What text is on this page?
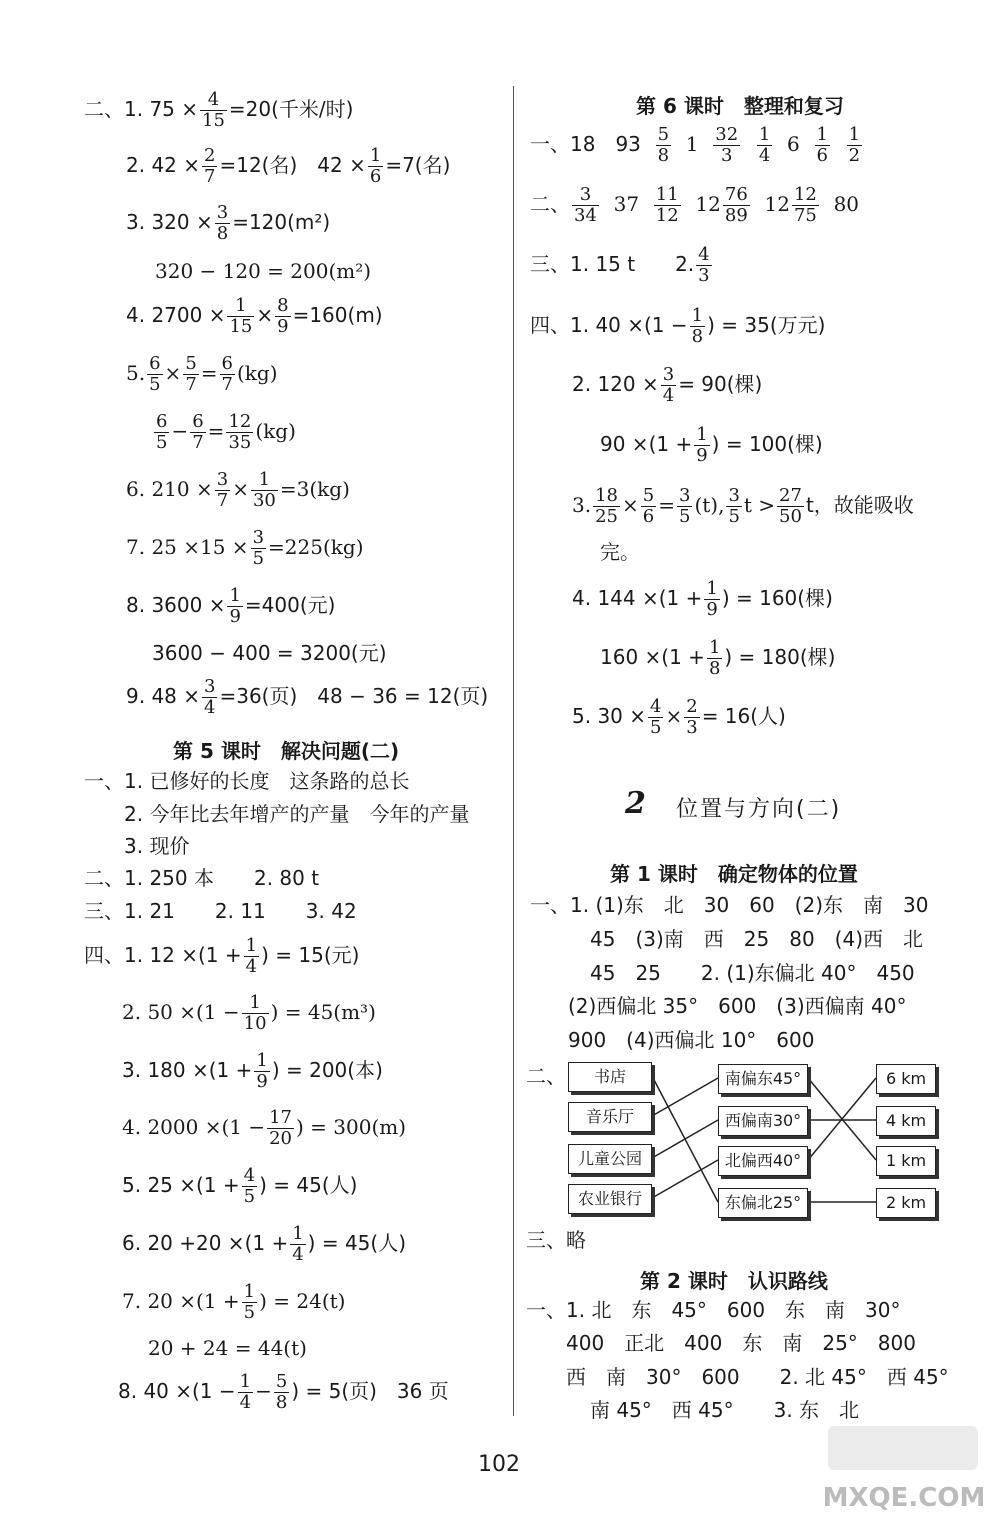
二、1. $75 \times \frac{4}{15} =20$(千米/时)
2. $42 \times \frac{2}{7} =12$(名)　$42 \times \frac{1}{6} =7$(名)
3. $320 \times \frac{3}{8} =120(m^2)$
320 − 120 = 200(m²)
4. $2700 \times \frac{1}{15} \times \frac{8}{9} =160(m)$
5. $\frac{6}{5} \times \frac{5}{7} = \frac{6}{7} (kg)$
$\frac{6}{5} - \frac{6}{7} = \frac{12}{35} (kg)$
6. $210 \times \frac{3}{7} \times \frac{1}{30} =3(kg)$
7. $25 \times 15 \times \frac{3}{5} =225(kg)$
8. $3600 \times \frac{1}{9} =400$(元)
3600 − 400 = 3200(元)
9. $48 \times \frac{3}{4} =36$(页)　48 − 36 = 12(页)
第 5 课时　解决问题(二)
一、1. 已修好的长度　这条路的总长
2. 今年比去年增产的产量　今年的产量
3. 现价
二、1. 250 本　　2. 80 t
三、1. 21　　2. 11　　3. 42
四、1. $12 \times(1 + \frac{1}{4}$ ) = 15(元)
2. $50 \times(1 - \frac{1}{10}$ ) = 45(m³)
3. $180 \times(1 + \frac{1}{9}$ ) = 200(本)
4. $2000 \times(1 - \frac{17}{20}$ ) = 300(m)
5. $25 \times(1 + \frac{4}{5}$ ) = 45(人)
6. $20 +20 \times(1 + \frac{1}{4}$ ) = 45(人)
7. $20 \times(1 + \frac{1}{5}$ ) = 24(t)
20 + 24 = 44(t)
8. $40 \times(1 - \frac{1}{4} - \frac{5}{8}$ ) = 5(页)　36 页
第 6 课时　整理和复习
一、18　$93 \frac{5}{8} 1 \frac{32}{3}$
$\frac{1}{4} 6 \frac{1}{6}$
$\frac{1}{2}$
二、 $\frac{3}{34} 37 \frac{11}{12} 12 \frac{76}{89} 12 \frac{12}{75} 80$
三、1. 15 t　　2. $\frac{4}{3}$
四、1. $40 \times(1 - \frac{1}{8}$ ) = 35(万元)
2. $120 \times \frac{3}{4} = 90$(棵)
$90 \times(1 + \frac{1}{9}$ ) = 100(棵)
3. $\frac{18}{25} \times \frac{5}{6} = \frac{3}{5} (t)$, $\frac{3}{5}$ $t > \frac{27}{50}$ t，故能吸收
完。
4. $144 \times(1 + \frac{1}{9}$ ) = 160(棵)
$160 \times(1 + \frac{1}{8}$ ) = 180(棵)
5. $30 \times \frac{4}{5} \times \frac{2}{3} = 16$(人)
2 位置与方向(二)
第 1 课时　确定物体的位置
一、1. (1)东　北　30　60　(2)东　南　30
45　(3)南　西　25　80　(4)西　北
45　25　　2. (1)东偏北 40°　450
(2)西偏北 35°　600　(3)西偏南 40°
900　(4)西偏北 10°　600
二、	书店
音乐厅
儿童公园
农业银行
南偏东45°
西偏南30°
北偏西40°
东偏北25°
6 km
4 km
1 km
2 km
三、略
第 2 课时　认识路线
一、1. 北　东　45°　600　东　南　30°
400　正北　400　东　南　25°　800
西　南　30°　600　　2. 北 45°　西 45°
南 45°　西 45°　　3. 东　北
102
MXQE.COM
